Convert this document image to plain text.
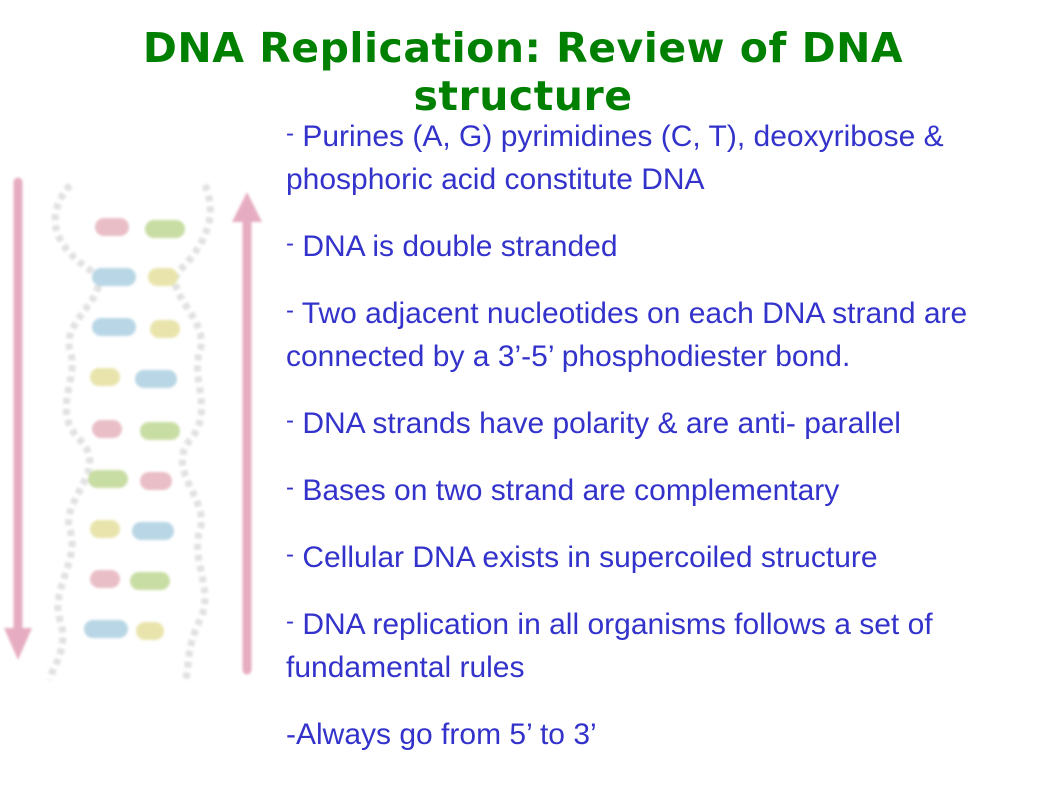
DNA Replication: Review of DNA structure
- Purines (A, G) pyrimidines (C, T), deoxyribose & phosphoric acid constitute DNA
- DNA is double stranded
- Two adjacent nucleotides on each DNA strand are connected by a 3’-5’ phosphodiester bond.
- DNA strands have polarity & are anti- parallel
- Bases on two strand are complementary
- Cellular DNA exists in supercoiled structure
- DNA replication in all organisms follows a set of fundamental rules
-Always go from 5’ to 3’
